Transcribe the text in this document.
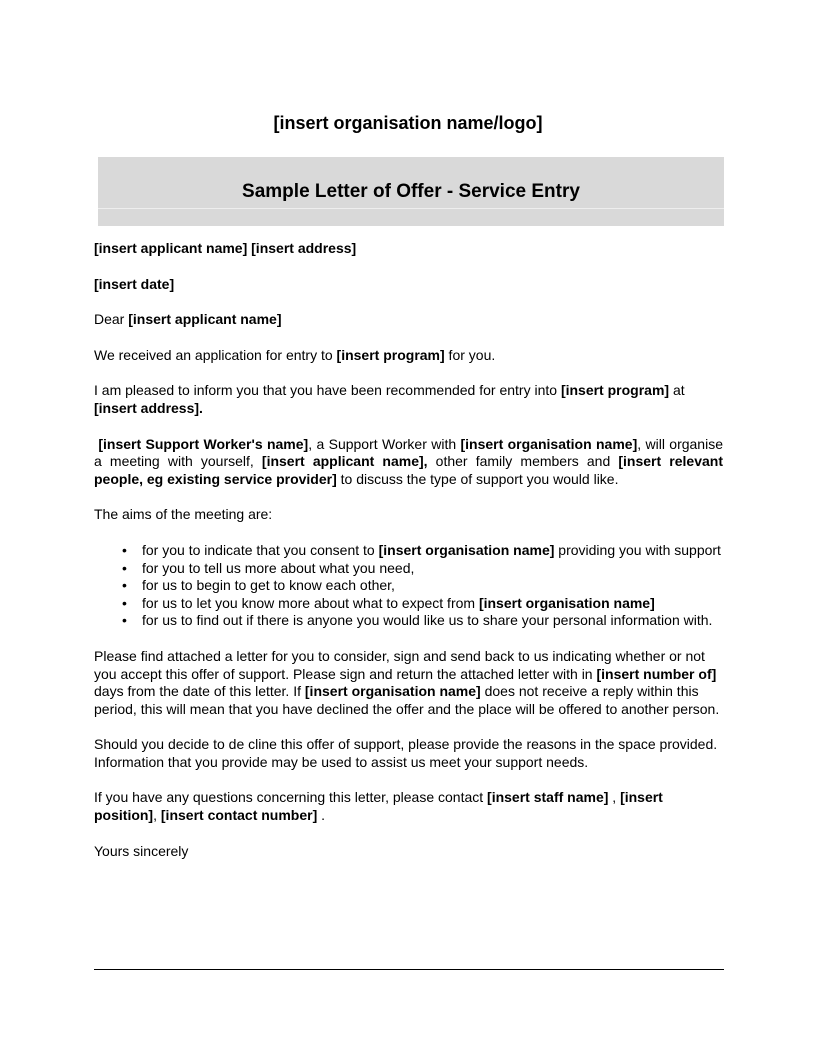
[insert organisation name/logo]
Sample Letter of Offer - Service Entry

[insert applicant name] [insert address]

[insert date]

Dear [insert applicant name]

We received an application for entry to [insert program] for you.

I am pleased to inform you that you have been recommended for entry into [insert program] at [insert address].

[insert Support Worker's name], a Support Worker with [insert organisation name], will organise a meeting with yourself, [insert applicant name], other family members and [insert relevant people, eg existing service provider] to discuss the type of support you would like.

The aims of the meeting are:

• for you to indicate that you consent to [insert organisation name] providing you with support
• for you to tell us more about what you need,
• for us to begin to get to know each other,
• for us to let you know more about what to expect from [insert organisation name]
• for us to find out if there is anyone you would like us to share your personal information with.

Please find attached a letter for you to consider, sign and send back to us indicating whether or not you accept this offer of support. Please sign and return the attached letter with in [insert number of] days from the date of this letter. If [insert organisation name] does not receive a reply within this period, this will mean that you have declined the offer and the place will be offered to another person.

Should you decide to de cline this offer of support, please provide the reasons in the space provided. Information that you provide may be used to assist us meet your support needs.

If you have any questions concerning this letter, please contact [insert staff name] , [insert position], [insert contact number] .

Yours sincerely
